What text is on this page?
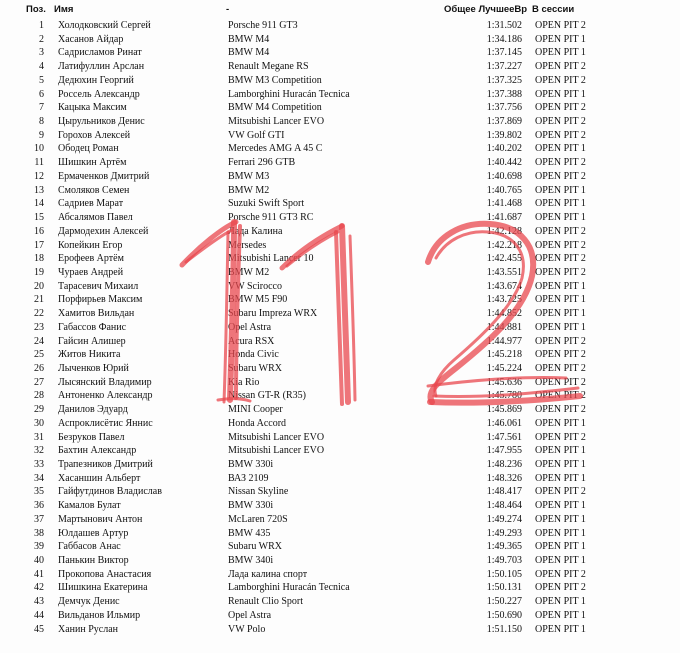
Поз. Имя	-	Общее ЛучшееВр В сессии
1 Холодковский Сергей	Porsche 911 GT3	1:31.502 OPEN PIT 2
2 Хасанов Айдар	BMW M4	1:34.186 OPEN PIT 1
3 Садрисламов Ринат	BMW M4	1:37.145 OPEN PIT 1
4 Латифуллин Арслан	Renault Megane RS	1:37.227 OPEN PIT 2
5 Дедюхин Георгий	BMW M3 Competition	1:37.325 OPEN PIT 2
6 Россель Александр	Lamborghini Huracán Tecnica	1:37.388 OPEN PIT 1
7 Кацыка Максим	BMW M4 Competition	1:37.756 OPEN PIT 2
8 Цырульников Денис	Mitsubishi Lancer EVO	1:37.869 OPEN PIT 2
9 Горохов Алексей	VW Golf GTI	1:39.802 OPEN PIT 2
10 Ободец Роман	Mercedes AMG A 45 C	1:40.202 OPEN PIT 1
11 Шишкин Артём	Ferrari 296 GTB	1:40.442 OPEN PIT 2
12 Ермаченков Дмитрий	BMW M3	1:40.698 OPEN PIT 2
13 Смоляков Семен	BMW M2	1:40.765 OPEN PIT 1
14 Садриев Марат	Suzuki Swift Sport	1:41.468 OPEN PIT 1
15 Абсалямов Павел	Porsche 911 GT3 RC	1:41.687 OPEN PIT 1
16 Дармодехин Алексей	Лада Калина	1:42.128 OPEN PIT 2
17 Копейкин Егор	Mersedes	1:42.218 OPEN PIT 2
18 Ерофеев Артём	Mitsubishi Lancer 10	1:42.455 OPEN PIT 2
19 Чураев Андрей	BMW M2	1:43.551 OPEN PIT 2
20 Тарасевич Михаил	VW Scirocco	1:43.674 OPEN PIT 1
21 Порфирьев Максим	BMW M5 F90	1:43.725 OPEN PIT 1
22 Хамитов Вильдан	Subaru Impreza WRX	1:44.852 OPEN PIT 1
23 Габассов Фанис	Opel Astra	1:44.881 OPEN PIT 1
24 Гайсин Алишер	Acura RSX	1:44.977 OPEN PIT 2
25 Житов Никита	Honda Civic	1:45.218 OPEN PIT 2
26 Лыченков Юрий	Subaru WRX	1:45.224 OPEN PIT 2
27 Лысянский Владимир	Kia Rio	1:45.636 OPEN PIT 2
28 Антоненко Александр	Nissan GT-R (R35)	1:45.780 OPEN PIT 2
29 Данилов Эдуард	MINI Cooper	1:45.869 OPEN PIT 2
30 Аспроклисётис Яннис	Honda Accord	1:46.061 OPEN PIT 1
31 Безруков Павел	Mitsubishi Lancer EVO	1:47.561 OPEN PIT 2
32 Бахтин Александр	Mitsubishi Lancer EVO	1:47.955 OPEN PIT 1
33 Трапезников Дмитрий	BMW 330i	1:48.236 OPEN PIT 1
34 Хасаншин Альберт	ВАЗ 2109	1:48.326 OPEN PIT 1
35 Гайфутдинов Владислав	Nissan Skyline	1:48.417 OPEN PIT 2
36 Камалов Булат	BMW 330i	1:48.464 OPEN PIT 1
37 Мартынович Антон	McLaren 720S	1:49.274 OPEN PIT 1
38 Юлдашев Артур	BMW 435	1:49.293 OPEN PIT 1
39 Габбасов Анас	Subaru WRX	1:49.365 OPEN PIT 1
40 Панькин Виктор	BMW 340i	1:49.703 OPEN PIT 1
41 Прокопова Анастасия	Лада калина спорт	1:50.105 OPEN PIT 2
42 Шишкина Екатерина	Lamborghini Huracán Tecnica	1:50.131 OPEN PIT 2
43 Демчук Денис	Renault Clio Sport	1:50.227 OPEN PIT 1
44 Вильданов Ильмир	Opel Astra	1:50.690 OPEN PIT 1
45 Ханин Руслан	VW Polo	1:51.150 OPEN PIT 1
